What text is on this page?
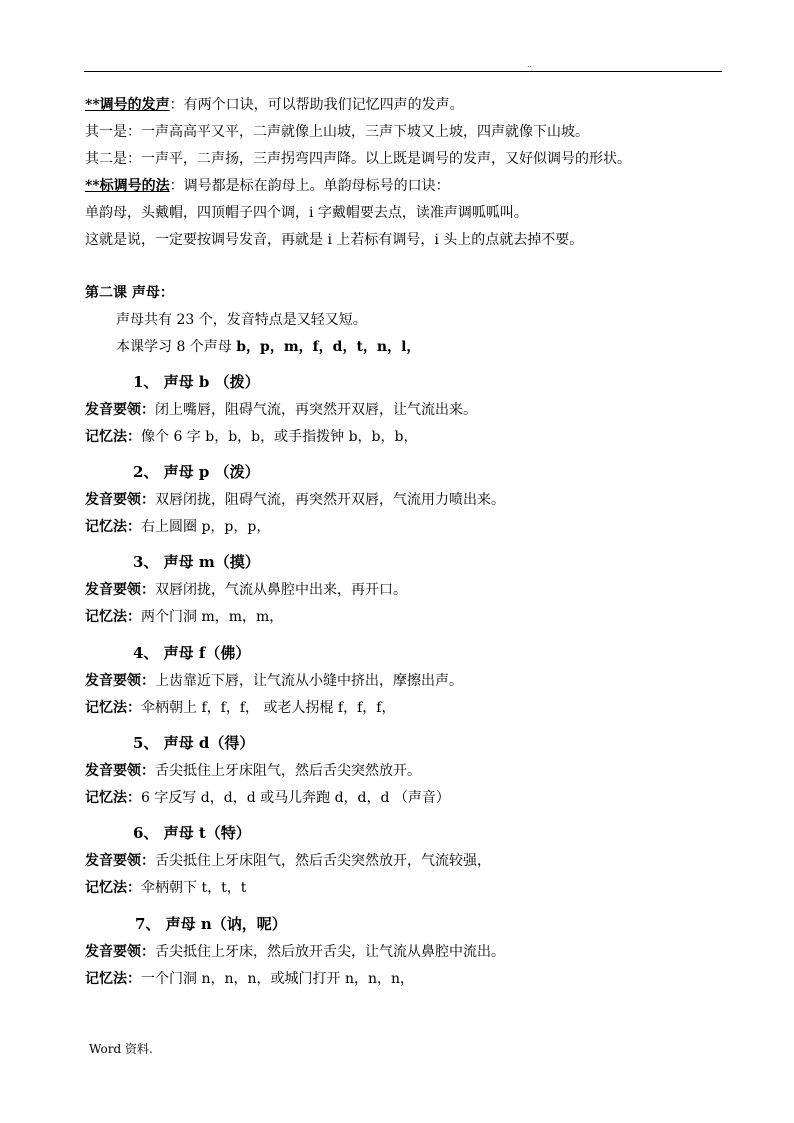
..
**调号的发声：有两个口诀，可以帮助我们记忆四声的发声。
其一是：一声高高平又平，二声就像上山坡，三声下坡又上坡，四声就像下山坡。
其二是：一声平，二声扬，三声拐弯四声降。以上既是调号的发声，又好似调号的形状。
**标调号的法：调号都是标在韵母上。单韵母标号的口诀：
单韵母，头戴帽，四顶帽子四个调，i 字戴帽要去点，读准声调呱呱叫。
这就是说，一定要按调号发音，再就是 i 上若标有调号，i 头上的点就去掉不要。
第二课 声母：
声母共有 23 个，发音特点是又轻又短。
本课学习 8 个声母 b，p，m，f，d，t，n，l，
1、 声母 b （拨）
发音要领：闭上嘴唇，阻碍气流，再突然开双唇，让气流出来。
记忆法：像个 6 字 b，b，b，或手指拨钟 b，b，b，
2、 声母 p （泼）
发音要领：双唇闭拢，阻碍气流，再突然开双唇，气流用力喷出来。
记忆法：右上圆圈 p，p，p，
3、 声母 m（摸）
发音要领：双唇闭拢，气流从鼻腔中出来，再开口。
记忆法：两个门洞 m，m，m，
4、 声母 f（佛）
发音要领：上齿靠近下唇，让气流从小缝中挤出，摩擦出声。
记忆法：伞柄朝上 f，f，f， 或老人拐棍 f，f，f，
5、 声母 d（得）
发音要领：舌尖抵住上牙床阻气，然后舌尖突然放开。
记忆法：6 字反写 d，d，d 或马儿奔跑 d，d，d （声音）
6、 声母 t（特）
发音要领：舌尖抵住上牙床阻气，然后舌尖突然放开，气流较强，
记忆法：伞柄朝下 t，t，t
7、 声母 n（讷，呢）
发音要领：舌尖抵住上牙床，然后放开舌尖，让气流从鼻腔中流出。
记忆法：一个门洞 n，n，n，或城门打开 n，n，n，
Word 资料.
